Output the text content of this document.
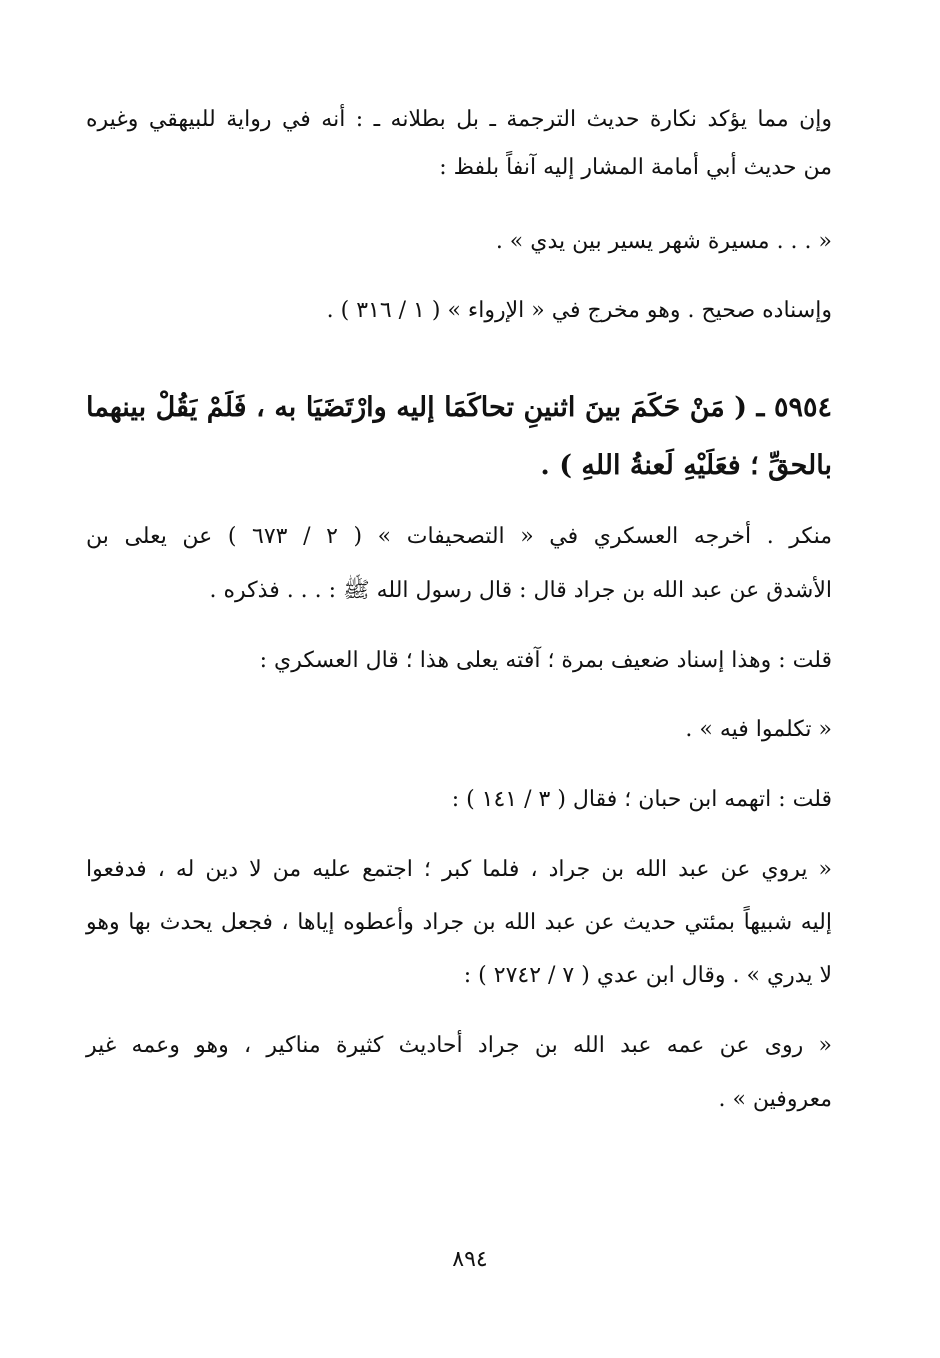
وإن مما يؤكد نكارة حديث الترجمة ـ بل بطلانه ـ : أنه في رواية للبيهقي وغيره
من حديث أبي أمامة المشار إليه آنفاً بلفظ :
« . . . مسيرة شهر يسير بين يدي » .
وإسناده صحيح . وهو مخرج في « الإرواء » ( ١ / ٣١٦ ) .
٥٩٥٤ ـ ( مَنْ حَكَمَ بينَ اثنينِ تحاكَمَا إليه وارْتَضَيَا به ، فَلَمْ يَقُلْ بينهما
بالحقِّ ؛ فعَلَيْهِ لَعنةُ اللهِ ) .
منكر . أخرجه العسكري في « التصحيفات » ( ٢ / ٦٧٣ ) عن يعلى بن
الأشدق عن عبد الله بن جراد قال : قال رسول الله ﷺ : . . . فذكره .
قلت : وهذا إسناد ضعيف بمرة ؛ آفته يعلى هذا ؛ قال العسكري :
« تكلموا فيه » .
قلت : اتهمه ابن حبان ؛ فقال ( ٣ / ١٤١ ) :
« يروي عن عبد الله بن جراد ، فلما كبر ؛ اجتمع عليه من لا دين له ، فدفعوا
إليه شبيهاً بمئتي حديث عن عبد الله بن جراد وأعطوه إياها ، فجعل يحدث بها وهو
لا يدري » . وقال ابن عدي ( ٧ / ٢٧٤٢ ) :
« روى عن عمه عبد الله بن جراد أحاديث كثيرة مناكير ، وهو وعمه غير
معروفين » .
٨٩٤
